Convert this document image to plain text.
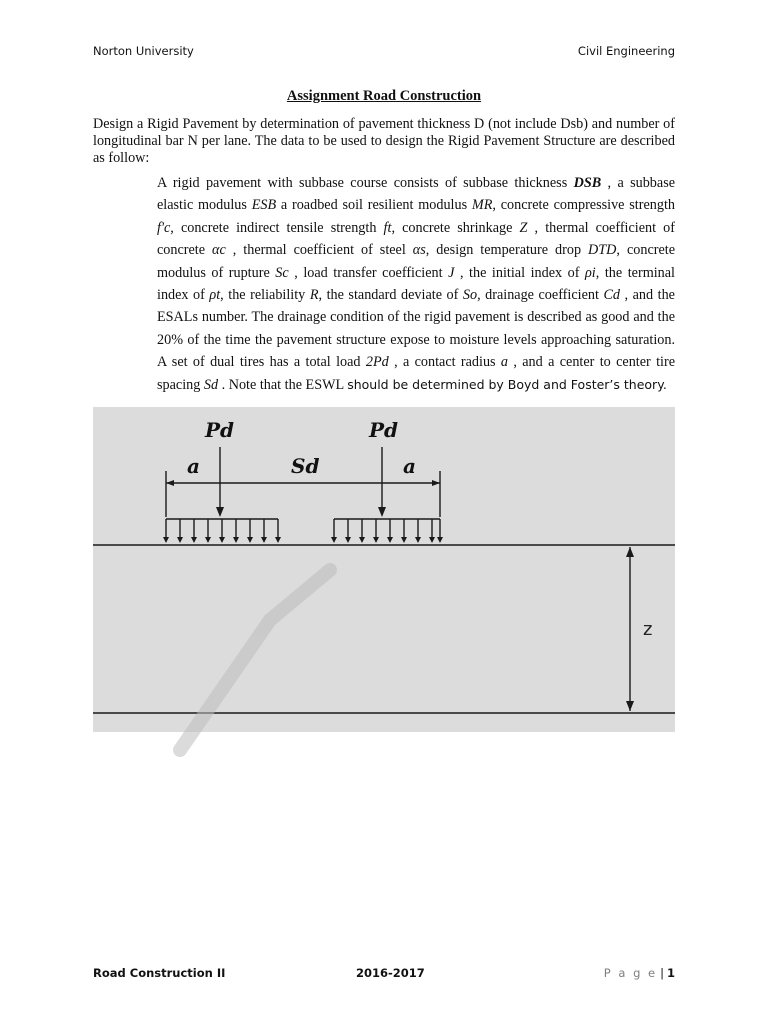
Norton University	Civil Engineering
Assignment Road Construction
Design a Rigid Pavement by determination of pavement thickness D (not include Dsb) and number of longitudinal bar N per lane. The data to be used to design the Rigid Pavement Structure are described as follow:
A rigid pavement with subbase course consists of subbase thickness DSB , a subbase elastic modulus ESB a roadbed soil resilient modulus MR, concrete compressive strength f'c, concrete indirect tensile strength ft, concrete shrinkage Z , thermal coefficient of concrete αc , thermal coefficient of steel αs, design temperature drop DTD, concrete modulus of rupture Sc , load transfer coefficient J , the initial index of ρi, the terminal index of ρt, the reliability R, the standard deviate of So, drainage coefficient Cd , and the ESALs number. The drainage condition of the rigid pavement is described as good and the 20% of the time the pavement structure expose to moisture levels approaching saturation. A set of dual tires has a total load 2Pd , a contact radius a , and a center to center tire spacing Sd . Note that the ESWL should be determined by Boyd and Foster’s theory.
Pd	Pd
a	Sd	a
z
Road Construction II	2016-2017	P a g e | 1
